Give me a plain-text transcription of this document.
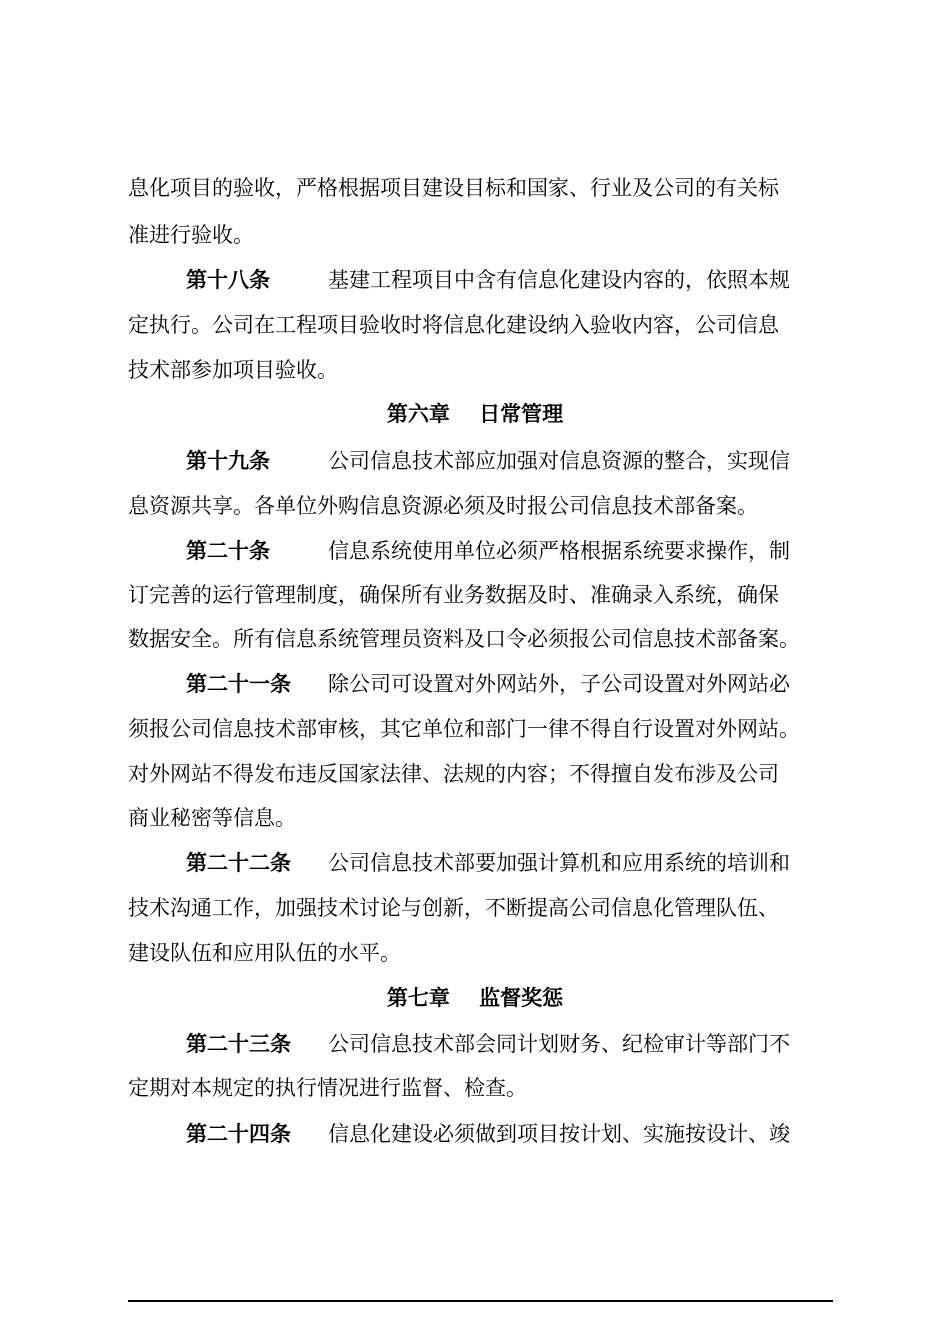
息化项目的验收，严格根据项目建设目标和国家、行业及公司的有关标
准进行验收。
第十八条	基建工程项目中含有信息化建设内容的，依照本规
定执行。公司在工程项目验收时将信息化建设纳入验收内容，公司信息
技术部参加项目验收。
第六章    日常管理
第十九条	公司信息技术部应加强对信息资源的整合，实现信
息资源共享。各单位外购信息资源必须及时报公司信息技术部备案。
第二十条	信息系统使用单位必须严格根据系统要求操作，制
订完善的运行管理制度，确保所有业务数据及时、准确录入系统，确保
数据安全。所有信息系统管理员资料及口令必须报公司信息技术部备案。
第二十一条 除公司可设置对外网站外，子公司设置对外网站必
须报公司信息技术部审核，其它单位和部门一律不得自行设置对外网站。
对外网站不得发布违反国家法律、法规的内容；不得擅自发布涉及公司
商业秘密等信息。
第二十二条 公司信息技术部要加强计算机和应用系统的培训和
技术沟通工作，加强技术讨论与创新，不断提高公司信息化管理队伍、
建设队伍和应用队伍的水平。
第七章    监督奖惩
第二十三条 公司信息技术部会同计划财务、纪检审计等部门不
定期对本规定的执行情况进行监督、检查。
第二十四条 信息化建设必须做到项目按计划、实施按设计、竣
